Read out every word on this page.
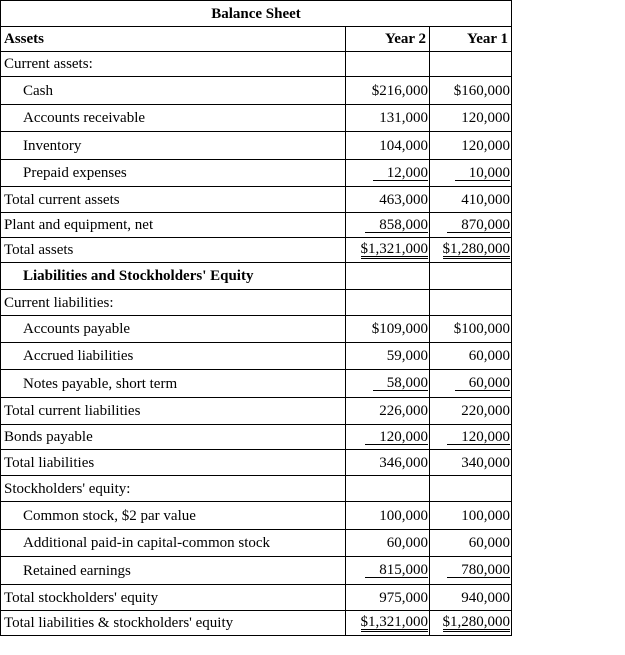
Balance Sheet		
Assets	Year 2	Year 1
Current assets:		
Cash	$216,000	$160,000
Accounts receivable	131,000	120,000
Inventory	104,000	120,000
Prepaid expenses	12,000	10,000
Total current assets	463,000	410,000
Plant and equipment, net	858,000	870,000
Total assets	$1,321,000	$1,280,000
Liabilities and Stockholders' Equity		
Current liabilities:		
Accounts payable	$109,000	$100,000
Accrued liabilities	59,000	60,000
Notes payable, short term	58,000	60,000
Total current liabilities	226,000	220,000
Bonds payable	120,000	120,000
Total liabilities	346,000	340,000
Stockholders' equity:		
Common stock, $2 par value	100,000	100,000
Additional paid-in capital-common stock	60,000	60,000
Retained earnings	815,000	780,000
Total stockholders' equity	975,000	940,000
Total liabilities & stockholders' equity	$1,321,000	$1,280,000
